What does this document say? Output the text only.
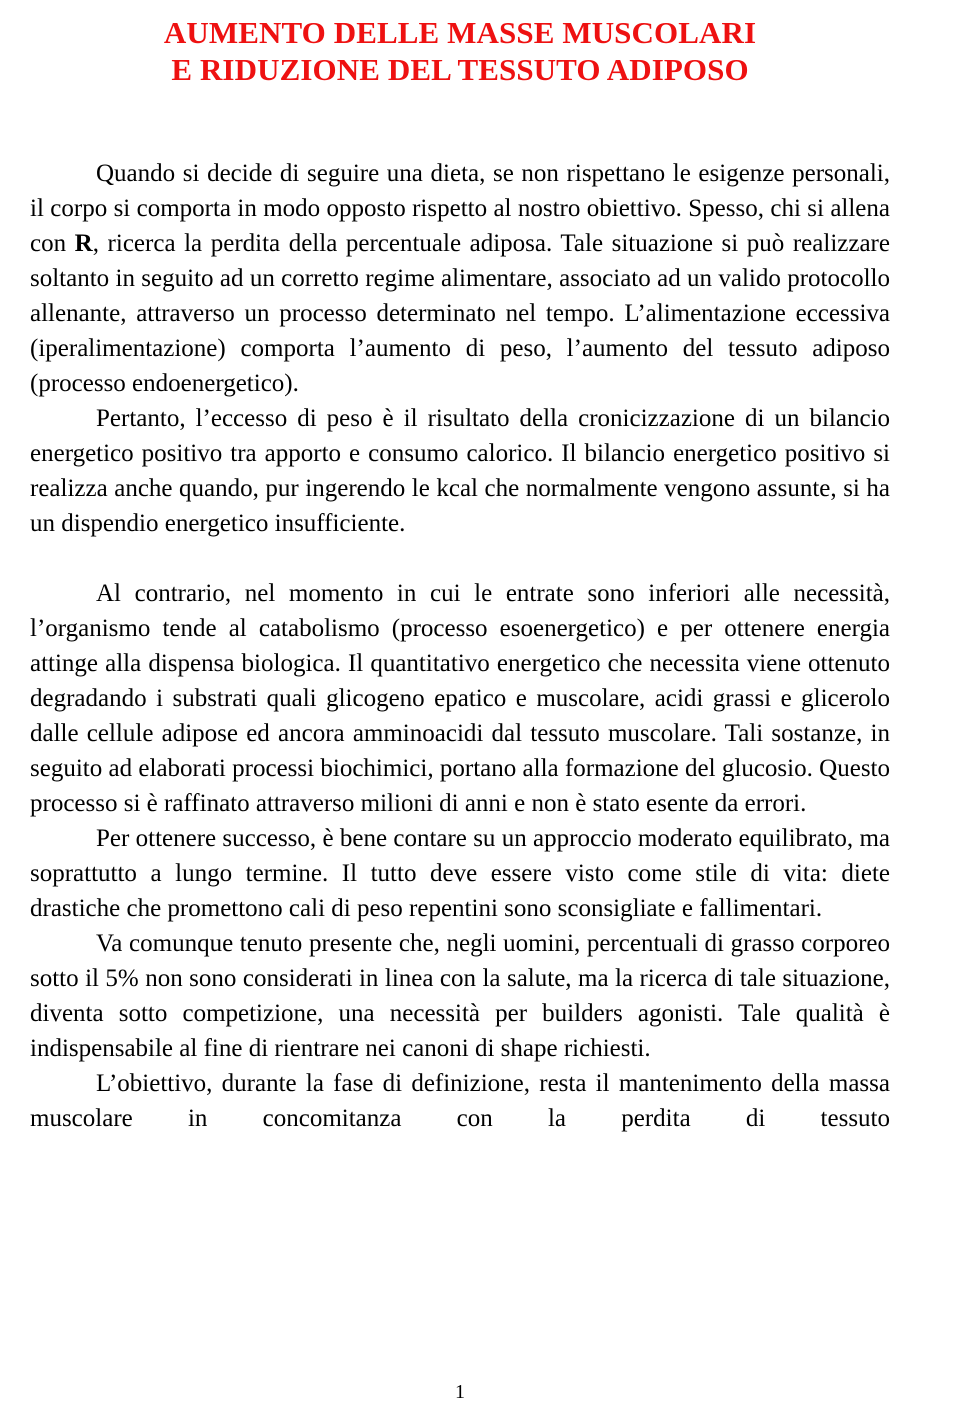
AUMENTO DELLE MASSE MUSCOLARI
E RIDUZIONE DEL TESSUTO ADIPOSO

Quando si decide di seguire una dieta, se non rispettano le esigenze personali, il corpo si comporta in modo opposto rispetto al nostro obiettivo. Spesso, chi si allena con R, ricerca la perdita della percentuale adiposa. Tale situazione si può realizzare soltanto in seguito ad un corretto regime alimentare, associato ad un valido protocollo allenante, attraverso un processo determinato nel tempo. L’alimentazione eccessiva (iperalimentazione) comporta l’aumento di peso, l’aumento del tessuto adiposo (processo endoenergetico).

Pertanto, l’eccesso di peso è il risultato della cronicizzazione di un bilancio energetico positivo tra apporto e consumo calorico. Il bilancio energetico positivo si realizza anche quando, pur ingerendo le kcal che normalmente vengono assunte, si ha un dispendio energetico insufficiente.

Al contrario, nel momento in cui le entrate sono inferiori alle necessità, l’organismo tende al catabolismo (processo esoenergetico) e per ottenere energia attinge alla dispensa biologica. Il quantitativo energetico che necessita viene ottenuto degradando i substrati quali glicogeno epatico e muscolare, acidi grassi e glicerolo dalle cellule adipose ed ancora amminoacidi dal tessuto muscolare. Tali sostanze, in seguito ad elaborati processi biochimici, portano alla formazione del glucosio. Questo processo si è raffinato attraverso milioni di anni e non è stato esente da errori.

Per ottenere successo, è bene contare su un approccio moderato equilibrato, ma soprattutto a lungo termine. Il tutto deve essere visto come stile di vita: diete drastiche che promettono cali di peso repentini sono sconsigliate e fallimentari.

Va comunque tenuto presente che, negli uomini, percentuali di grasso corporeo sotto il 5% non sono considerati in linea con la salute, ma la ricerca di tale situazione, diventa sotto competizione, una necessità per builders agonisti. Tale qualità è indispensabile al fine di rientrare nei canoni di shape richiesti.

L’obiettivo, durante la fase di definizione, resta il mantenimento della massa muscolare in concomitanza con la perdita di tessuto

1
